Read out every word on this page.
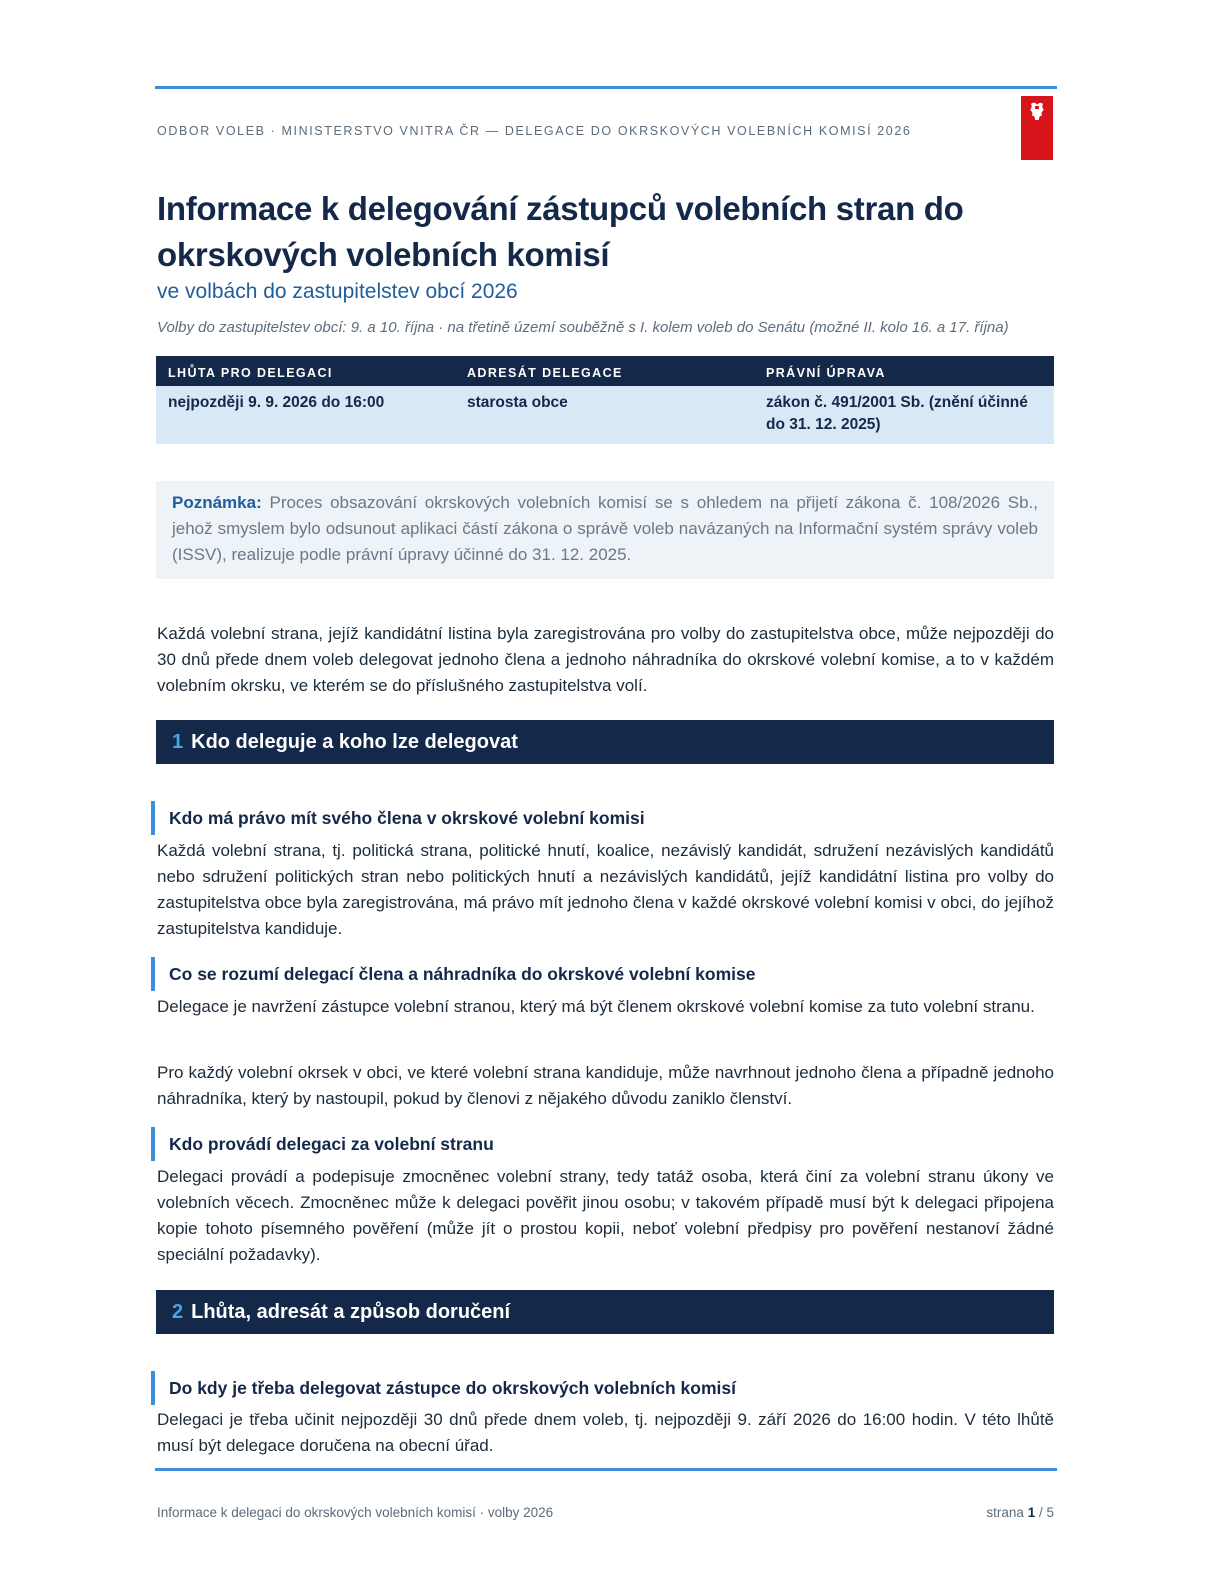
ODBOR VOLEB · MINISTERSTVO VNITRA ČR — DELEGACE DO OKRSKOVÝCH VOLEBNÍCH KOMISÍ 2026
Informace k delegování zástupců volebních stran do okrskových volebních komisí
ve volbách do zastupitelstev obcí 2026
Volby do zastupitelstev obcí: 9. a 10. října · na třetině území souběžně s I. kolem voleb do Senátu (možné II. kolo 16. a 17. října)
LHŮTA PRO DELEGACI	ADRESÁT DELEGACE	PRÁVNÍ ÚPRAVA
nejpozději 9. 9. 2026 do 16:00	starosta obce	zákon č. 491/2001 Sb. (znění účinné do 31. 12. 2025)
Poznámka: Proces obsazování okrskových volebních komisí se s ohledem na přijetí zákona č. 108/2026 Sb., jehož smyslem bylo odsunout aplikaci částí zákona o správě voleb navázaných na Informační systém správy voleb (ISSV), realizuje podle právní úpravy účinné do 31. 12. 2025.
Každá volební strana, jejíž kandidátní listina byla zaregistrována pro volby do zastupitelstva obce, může nejpozději do 30 dnů přede dnem voleb delegovat jednoho člena a jednoho náhradníka do okrskové volební komise, a to v každém volebním okrsku, ve kterém se do příslušného zastupitelstva volí.
1 Kdo deleguje a koho lze delegovat
Kdo má právo mít svého člena v okrskové volební komisi
Každá volební strana, tj. politická strana, politické hnutí, koalice, nezávislý kandidát, sdružení nezávislých kandidátů nebo sdružení politických stran nebo politických hnutí a nezávislých kandidátů, jejíž kandidátní listina pro volby do zastupitelstva obce byla zaregistrována, má právo mít jednoho člena v každé okrskové volební komisi v obci, do jejíhož zastupitelstva kandiduje.
Co se rozumí delegací člena a náhradníka do okrskové volební komise
Delegace je navržení zástupce volební stranou, který má být členem okrskové volební komise za tuto volební stranu.
Pro každý volební okrsek v obci, ve které volební strana kandiduje, může navrhnout jednoho člena a případně jednoho náhradníka, který by nastoupil, pokud by členovi z nějakého důvodu zaniklo členství.
Kdo provádí delegaci za volební stranu
Delegaci provádí a podepisuje zmocněnec volební strany, tedy tatáž osoba, která činí za volební stranu úkony ve volebních věcech. Zmocněnec může k delegaci pověřit jinou osobu; v takovém případě musí být k delegaci připojena kopie tohoto písemného pověření (může jít o prostou kopii, neboť volební předpisy pro pověření nestanoví žádné speciální požadavky).
2 Lhůta, adresát a způsob doručení
Do kdy je třeba delegovat zástupce do okrskových volebních komisí
Delegaci je třeba učinit nejpozději 30 dnů přede dnem voleb, tj. nejpozději 9. září 2026 do 16:00 hodin. V této lhůtě musí být delegace doručena na obecní úřad.
Informace k delegaci do okrskových volebních komisí · volby 2026	strana 1 / 5
